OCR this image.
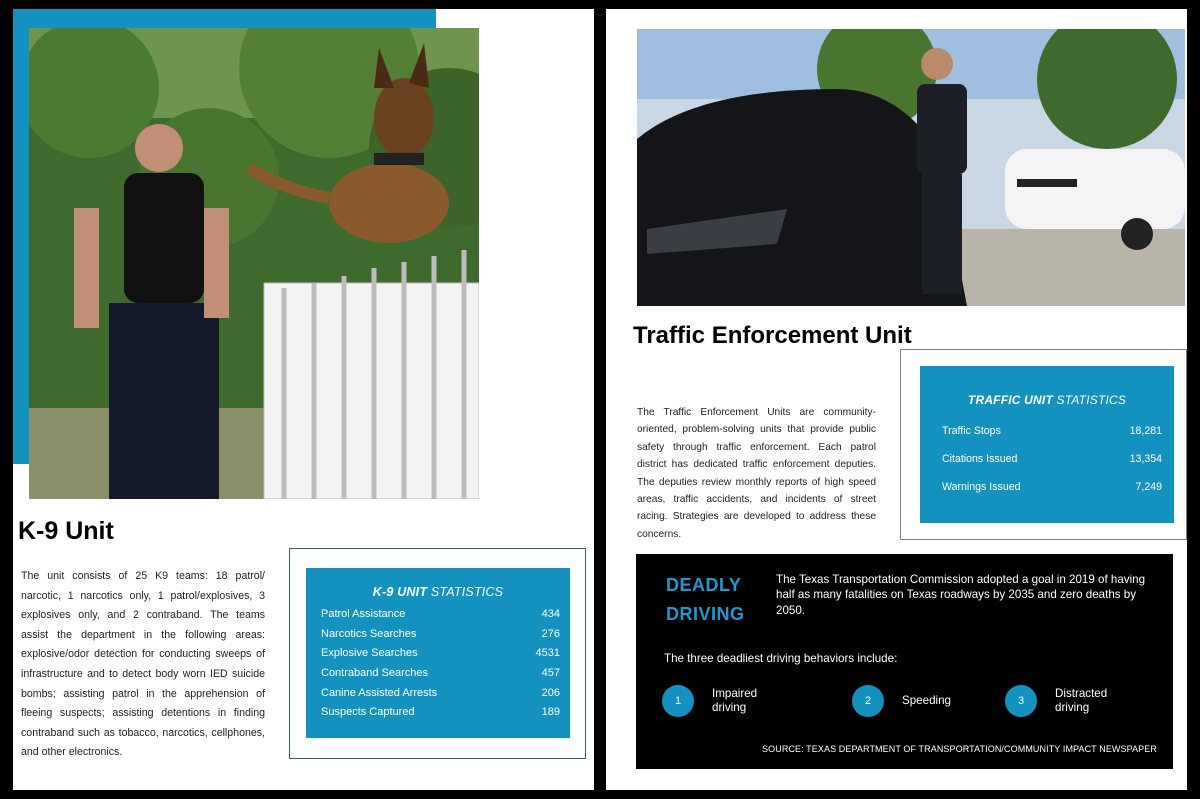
K-9 Unit
The unit consists of 25 K9 teams: 18 patrol/ narcotic, 1 narcotics only, 1 patrol/explosives, 3 explosives only, and 2 contraband. The teams assist the department in the following areas: explosive/odor detection for conducting sweeps of infrastructure and to detect body worn IED suicide bombs; assisting patrol in the apprehension of fleeing suspects; assisting detentions in finding contraband such as tobacco, narcotics, cellphones, and other electronics.
K-9 UNIT STATISTICS
Patrol Assistance	434
Narcotics Searches	276
Explosive Searches	4531
Contraband Searches	457
Canine Assisted Arrests	206
Suspects Captured	189
Traffic Enforcement Unit
The Traffic Enforcement Units are community-oriented, problem-solving units that provide public safety through traffic enforcement. Each patrol district has dedicated traffic enforcement deputies. The deputies review monthly reports of high speed areas, traffic accidents, and incidents of street racing. Strategies are developed to address these concerns.
TRAFFIC UNIT STATISTICS
Traffic Stops	18,281
Citations Issued	13,354
Warnings Issued	7,249
DEADLY
DRIVING
The Texas Transportation Commission adopted a goal in 2019 of having half as many fatalities on Texas roadways by 2035 and zero deaths by 2050.
The three deadliest driving behaviors include:
1
Impaired driving	2	Speeding	3
Distracted driving
SOURCE: TEXAS DEPARTMENT OF TRANSPORTATION/COMMUNITY IMPACT NEWSPAPER
